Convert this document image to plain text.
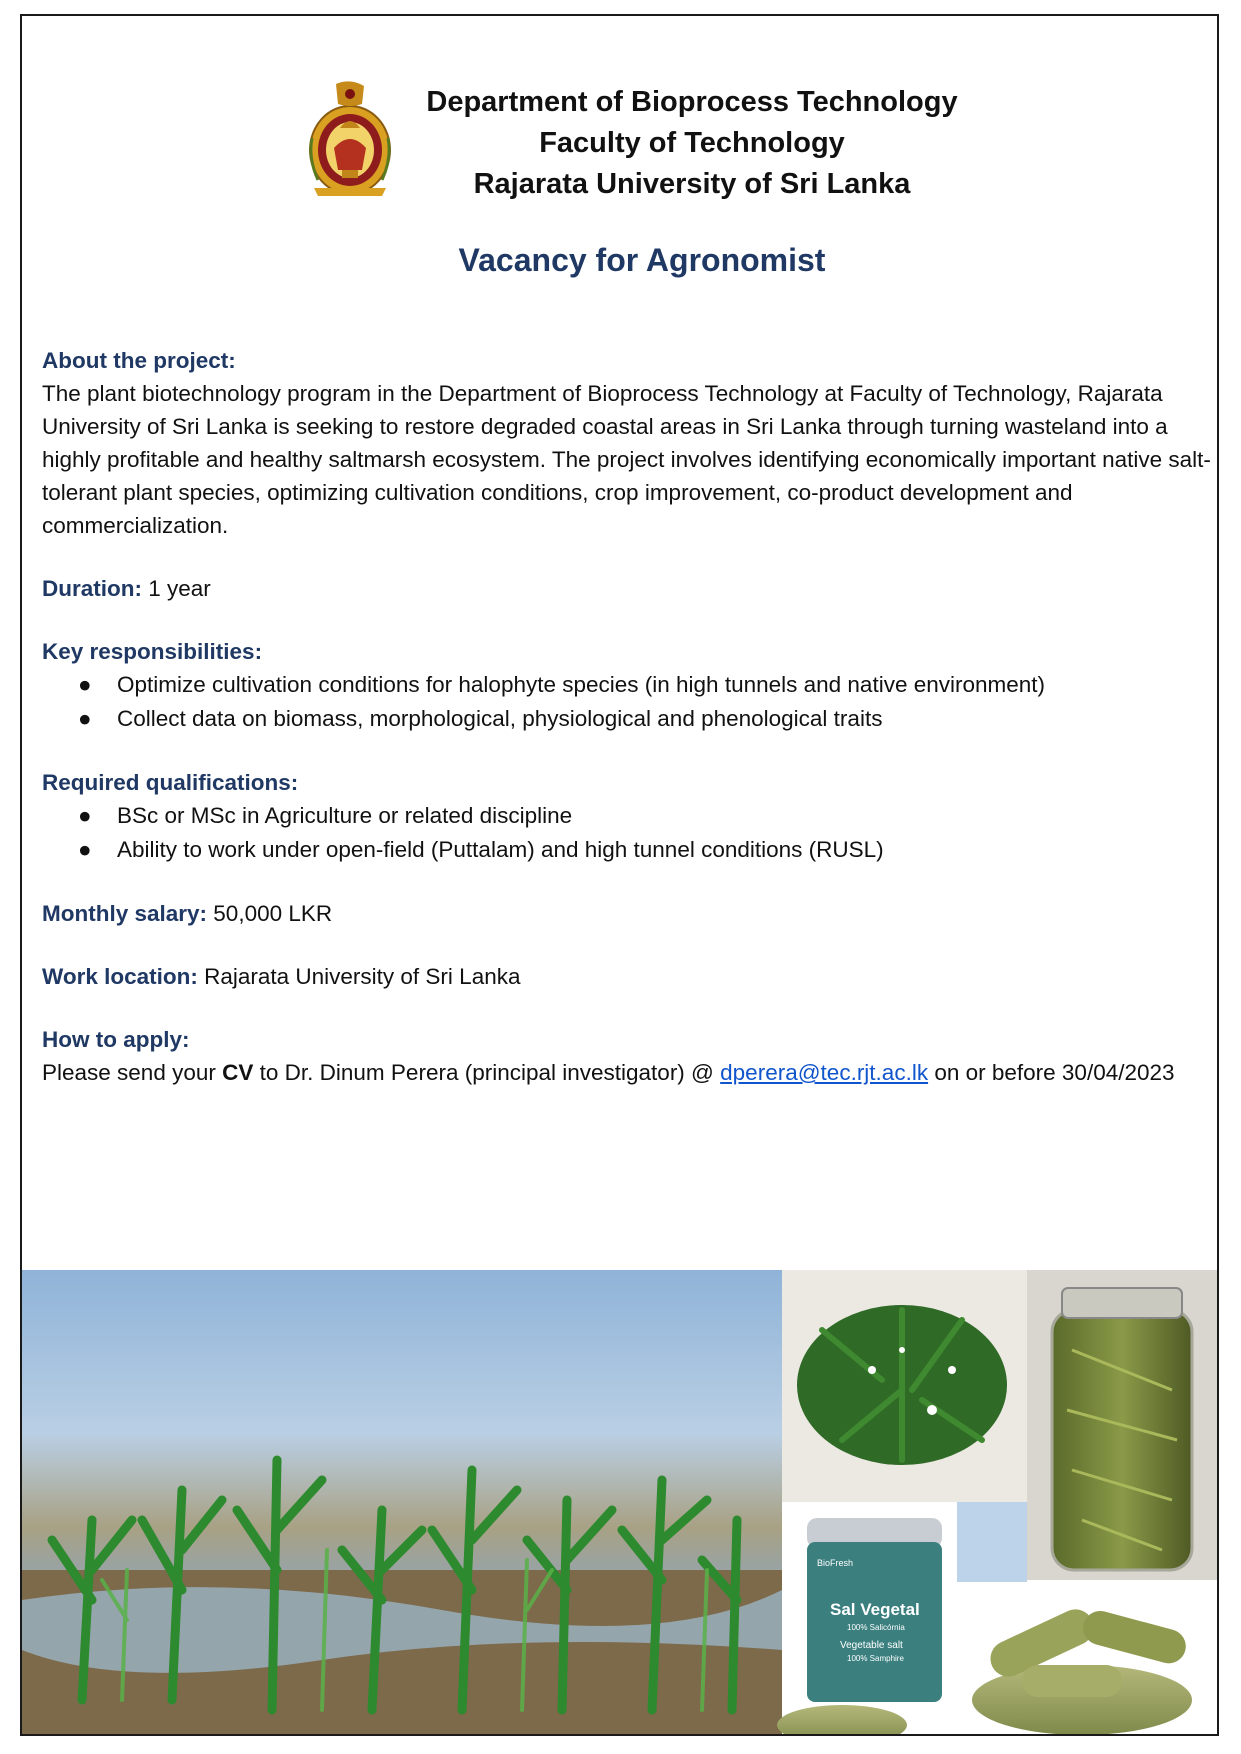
Department of Bioprocess Technology
Faculty of Technology
Rajarata University of Sri Lanka
Vacancy for Agronomist
About the project:

The plant biotechnology program in the Department of Bioprocess Technology at Faculty of Technology, Rajarata University of Sri Lanka is seeking to restore degraded coastal areas in Sri Lanka through turning wasteland into a highly profitable and healthy saltmarsh ecosystem. The project involves identifying economically important native salt-tolerant plant species, optimizing cultivation conditions, crop improvement, co-product development and commercialization.

Duration: 1 year
Key responsibilities:
● Optimize cultivation conditions for halophyte species (in high tunnels and native environment)
● Collect data on biomass, morphological, physiological and phenological traits
Required qualifications:
● BSc or MSc in Agriculture or related discipline
● Ability to work under open-field (Puttalam) and high tunnel conditions (RUSL)
Monthly salary: 50,000 LKR
Work location: Rajarata University of Sri Lanka
How to apply:

Please send your CV to Dr. Dinum Perera (principal investigator) @ dperera@tec.rjt.ac.lk on or before 30/04/2023

BioFresh
Sal Vegetal
100% Salicórnia
Vegetable salt
100% Samphire
